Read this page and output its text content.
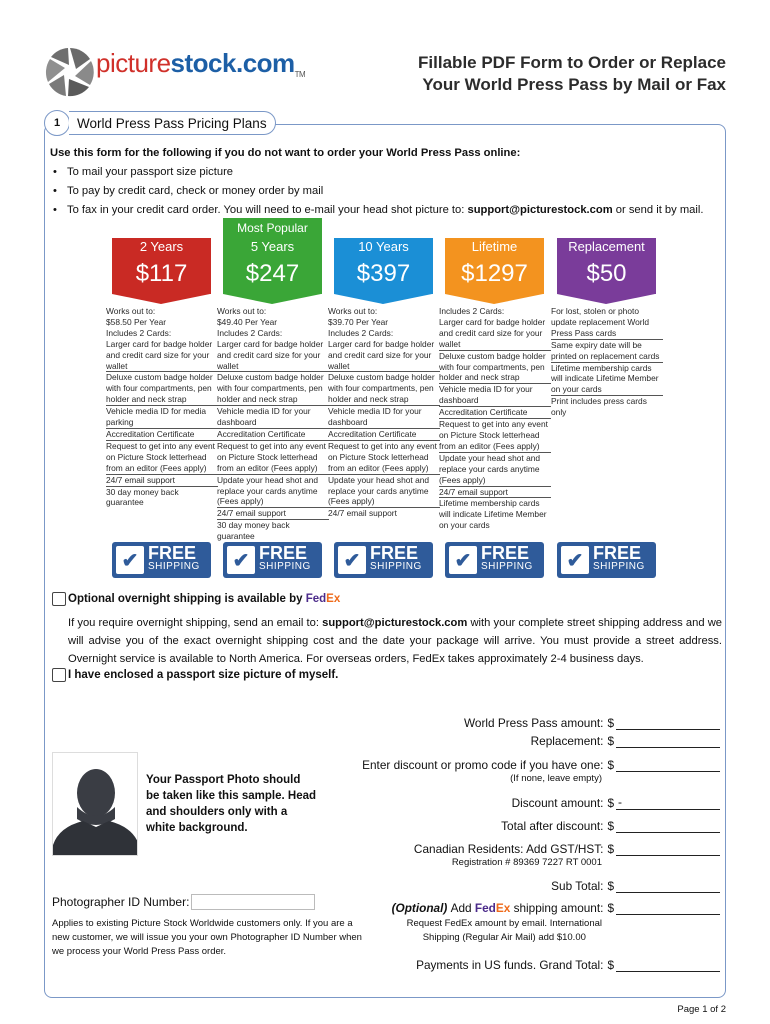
picturestock.comTM
Fillable PDF Form to Order or Replace
Your World Press Pass by Mail or Fax
1	World Press Pass Pricing Plans
Use this form for the following if you do not want to order your World Press Pass online:
• To mail your passport size picture
• To pay by credit card, check or money order by mail
• To fax in your credit card order. You will need to e-mail your head shot picture to: support@picturestock.com or send it by mail.
2 Years
$117
Works out to:
$58.50 Per Year
Includes 2 Cards:
Larger card for badge holder and credit card size for your wallet
Deluxe custom badge holder with four compartments, pen holder and neck strap
Vehicle media ID for media parking
Accreditation Certificate
Request to get into any event on Picture Stock letterhead from an editor (Fees apply)
24/7 email support
30 day money back guarantee
✔ FREE
SHIPPING
Most Popular
5 Years
$247
Works out to:
$49.40 Per Year
Includes 2 Cards:
Larger card for badge holder and credit card size for your wallet
Deluxe custom badge holder with four compartments, pen holder and neck strap
Vehicle media ID for your dashboard
Accreditation Certificate
Request to get into any event on Picture Stock letterhead from an editor (Fees apply)
Update your head shot and replace your cards anytime (Fees apply)
24/7 email support
30 day money back guarantee
✔ FREE
SHIPPING
10 Years
$397
Works out to:
$39.70 Per Year
Includes 2 Cards:
Larger card for badge holder and credit card size for your wallet
Deluxe custom badge holder with four compartments, pen holder and neck strap
Vehicle media ID for your dashboard
Accreditation Certificate
Request to get into any event on Picture Stock letterhead from an editor (Fees apply)
Update your head shot and replace your cards anytime (Fees apply)
24/7 email support
✔ FREE
SHIPPING
Lifetime
$1297
Includes 2 Cards:
Larger card for badge holder and credit card size for your wallet
Deluxe custom badge holder with four compartments, pen holder and neck strap
Vehicle media ID for your dashboard
Accreditation Certificate
Request to get into any event on Picture Stock letterhead from an editor (Fees apply)
Update your head shot and replace your cards anytime (Fees apply)
24/7 email support
Lifetime membership cards will indicate Lifetime Member on your cards
✔ FREE
SHIPPING
Replacement
$50
For lost, stolen or photo update replacement World Press Pass cards
Same expiry date will be printed on replacement cards
Lifetime membership cards will indicate Lifetime Member on your cards
Print includes press cards only
✔ FREE
SHIPPING
Optional overnight shipping is available by
Fed Ex
If you require overnight shipping, send an email to: support@picturestock.com with your complete street shipping address and we will advise you of the exact overnight shipping cost and the date your package will arrive. You must provide a street address. Overnight service is available to North America. For overseas orders, FedEx takes approximately 2-4 business days.
I have enclosed a passport size picture of myself.
Your Passport Photo should be taken like this sample. Head and shoulders only with a white background.
Photographer ID Number:
Applies to existing Picture Stock Worldwide customers only. If you are a new customer, we will issue you your own Photographer ID Number when we process your World Press Pass order.
World Press Pass amount: $
Replacement: $
Enter discount or promo code if you have one: $
(If none, leave empty)
Discount amount: $ -
Total after discount: $
Canadian Residents: Add GST/HST: $
Registration # 89369 7227 RT 0001
Sub Total: $
(Optional)
Add
Fed Ex
shipping amount: $
Request FedEx amount by email. International
Shipping (Regular Air Mail) add $10.00
Payments in US funds. Grand Total: $
Page 1 of 2
